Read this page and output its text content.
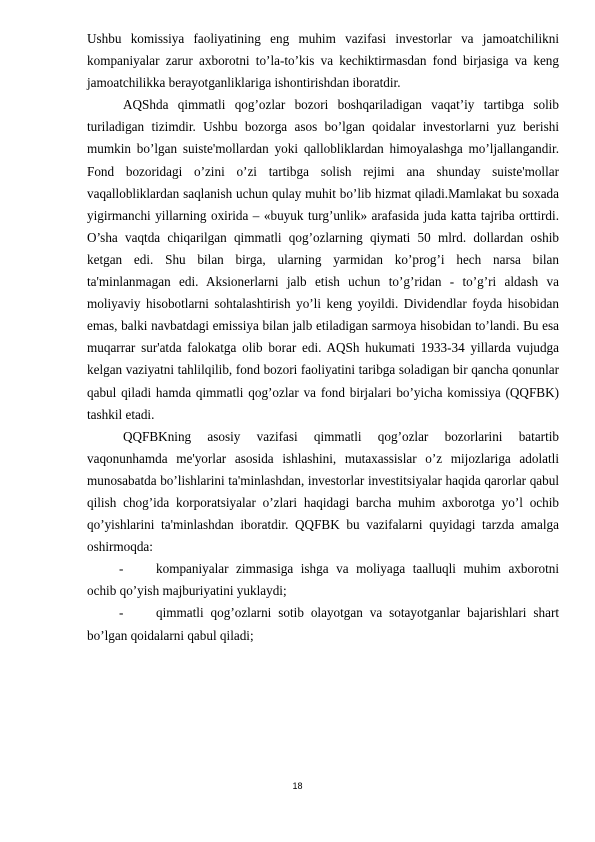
Ushbu komissiya faoliyatining eng muhim vazifasi investorlar va jamoatchilikni kompaniyalar zarur axborotni to’la-to’kis va kechiktirmasdan fond birjasiga va keng jamoatchilikka berayotganliklariga ishontirishdan iboratdir.

AQShda qimmatli qog’ozlar bozori boshqariladigan vaqat’iy tartibga solib turiladigan tizimdir. Ushbu bozorga asos bo’lgan qoidalar investorlarni yuz berishi mumkin bo’lgan suiste'mollardan yoki qallobliklardan himoyalashga mo’ljallangandir. Fond bozoridagi o’zini o’zi tartibga solish rejimi ana shunday suiste'mollar vaqallobliklardan saqlanish uchun qulay muhit bo’lib hizmat qiladi.Mamlakat bu soxada yigirmanchi yillarning oxirida – «buyuk turg’unlik» arafasida juda katta tajriba orttirdi. O’sha vaqtda chiqarilgan qimmatli qog’ozlarning qiymati 50 mlrd. dollardan oshib ketgan edi. Shu bilan birga, ularning yarmidan ko’prog’i hech narsa bilan ta'minlanmagan edi. Aksionerlarni jalb etish uchun to’g’ridan - to’g’ri aldash va moliyaviy hisobotlarni sohtalashtirish yo’li keng yoyildi. Dividendlar foyda hisobidan emas, balki navbatdagi emissiya bilan jalb etiladigan sarmoya hisobidan to’landi. Bu esa muqarrar sur'atda falokatga olib borar edi. AQSh hukumati 1933-34 yillarda vujudga kelgan vaziyatni tahlilqilib, fond bozori faoliyatini taribga soladigan bir qancha qonunlar qabul qiladi hamda qimmatli qog’ozlar va fond birjalari bo’yicha komissiya (QQFBK) tashkil etadi.

QQFBKning asosiy vazifasi qimmatli qog’ozlar bozorlarini batartib vaqonunhamda me'yorlar asosida ishlashini, mutaxassislar o’z mijozlariga adolatli munosabatda bo’lishlarini ta'minlashdan, investorlar investitsiyalar haqida qarorlar qabul qilish chog’ida korporatsiyalar o’zlari haqidagi barcha muhim axborotga yo’l ochib qo’yishlarini ta'minlashdan iboratdir. QQFBK bu vazifalarni quyidagi tarzda amalga oshirmoqda:

- kompaniyalar zimmasiga ishga va moliyaga taalluqli muhim axborotni ochib qo’yish majburiyatini yuklaydi;

- qimmatli qog’ozlarni sotib olayotgan va sotayotganlar bajarishlari shart bo’lgan qoidalarni qabul qiladi;

18
